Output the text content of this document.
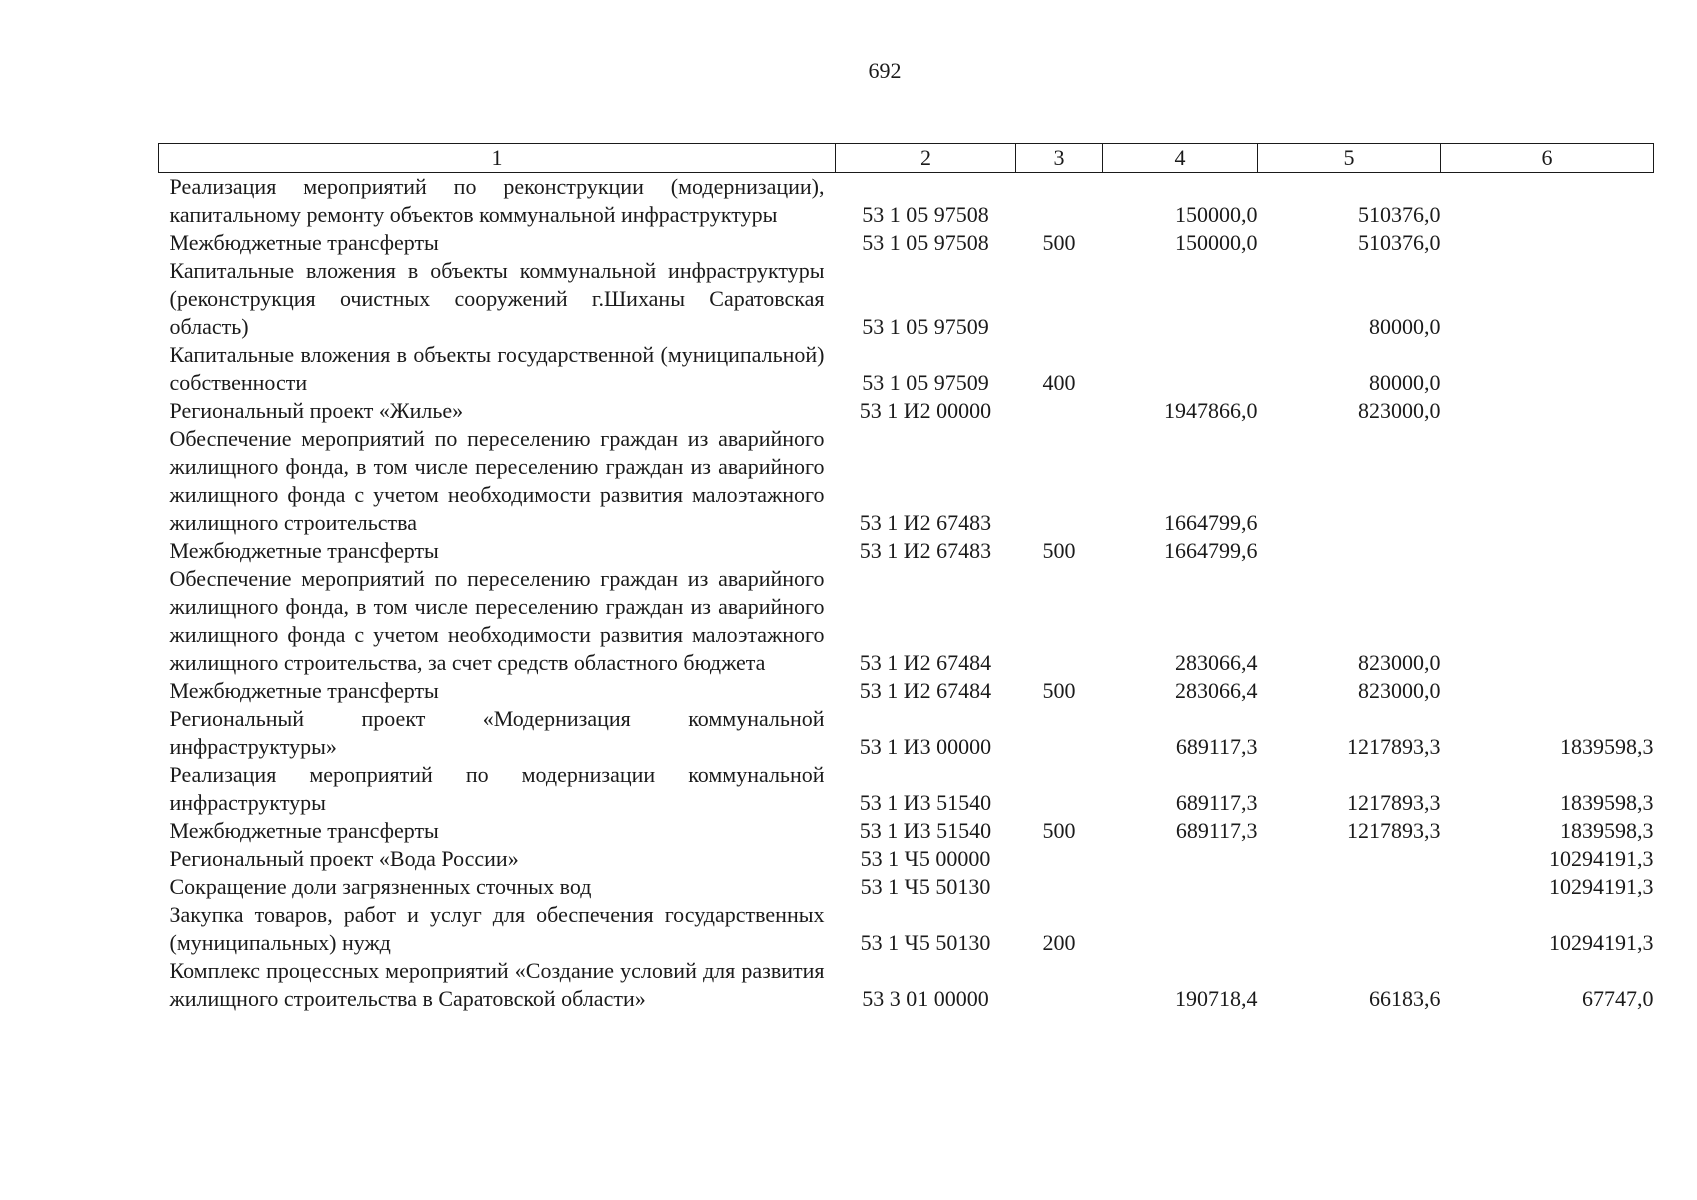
692
1	2	3	4	5	6
Реализация мероприятий по реконструкции (модернизации), капитальному ремонту объектов коммунальной инфраструктуры	53 1 05 97508		150000,0	510376,0	
Межбюджетные трансферты	53 1 05 97508	500	150000,0	510376,0	
Капитальные вложения в объекты коммунальной инфраструктуры (реконструкция очистных сооружений г.Шиханы Саратовская область)	53 1 05 97509			80000,0	
Капитальные вложения в объекты государственной (муниципальной) собственности	53 1 05 97509	400		80000,0	
Региональный проект «Жилье»	53 1 И2 00000		1947866,0	823000,0	
Обеспечение мероприятий по переселению граждан из аварийного жилищного фонда, в том числе переселению граждан из аварийного жилищного фонда с учетом необходимости развития малоэтажного жилищного строительства	53 1 И2 67483		1664799,6		
Межбюджетные трансферты	53 1 И2 67483	500	1664799,6		
Обеспечение мероприятий по переселению граждан из аварийного жилищного фонда, в том числе переселению граждан из аварийного жилищного фонда с учетом необходимости развития малоэтажного жилищного строительства, за счет средств областного бюджета	53 1 И2 67484		283066,4	823000,0	
Межбюджетные трансферты	53 1 И2 67484	500	283066,4	823000,0	
Региональный проект «Модернизация коммунальной инфраструктуры»	53 1 И3 00000		689117,3	1217893,3	1839598,3
Реализация мероприятий по модернизации коммунальной инфраструктуры	53 1 И3 51540		689117,3	1217893,3	1839598,3
Межбюджетные трансферты	53 1 И3 51540	500	689117,3	1217893,3	1839598,3
Региональный проект «Вода России»	53 1 Ч5 00000				10294191,3
Сокращение доли загрязненных сточных вод	53 1 Ч5 50130				10294191,3
Закупка товаров, работ и услуг для обеспечения государственных (муниципальных) нужд	53 1 Ч5 50130	200			10294191,3
Комплекс процессных мероприятий «Создание условий для развития жилищного строительства в Саратовской области»	53 3 01 00000		190718,4	66183,6	67747,0
